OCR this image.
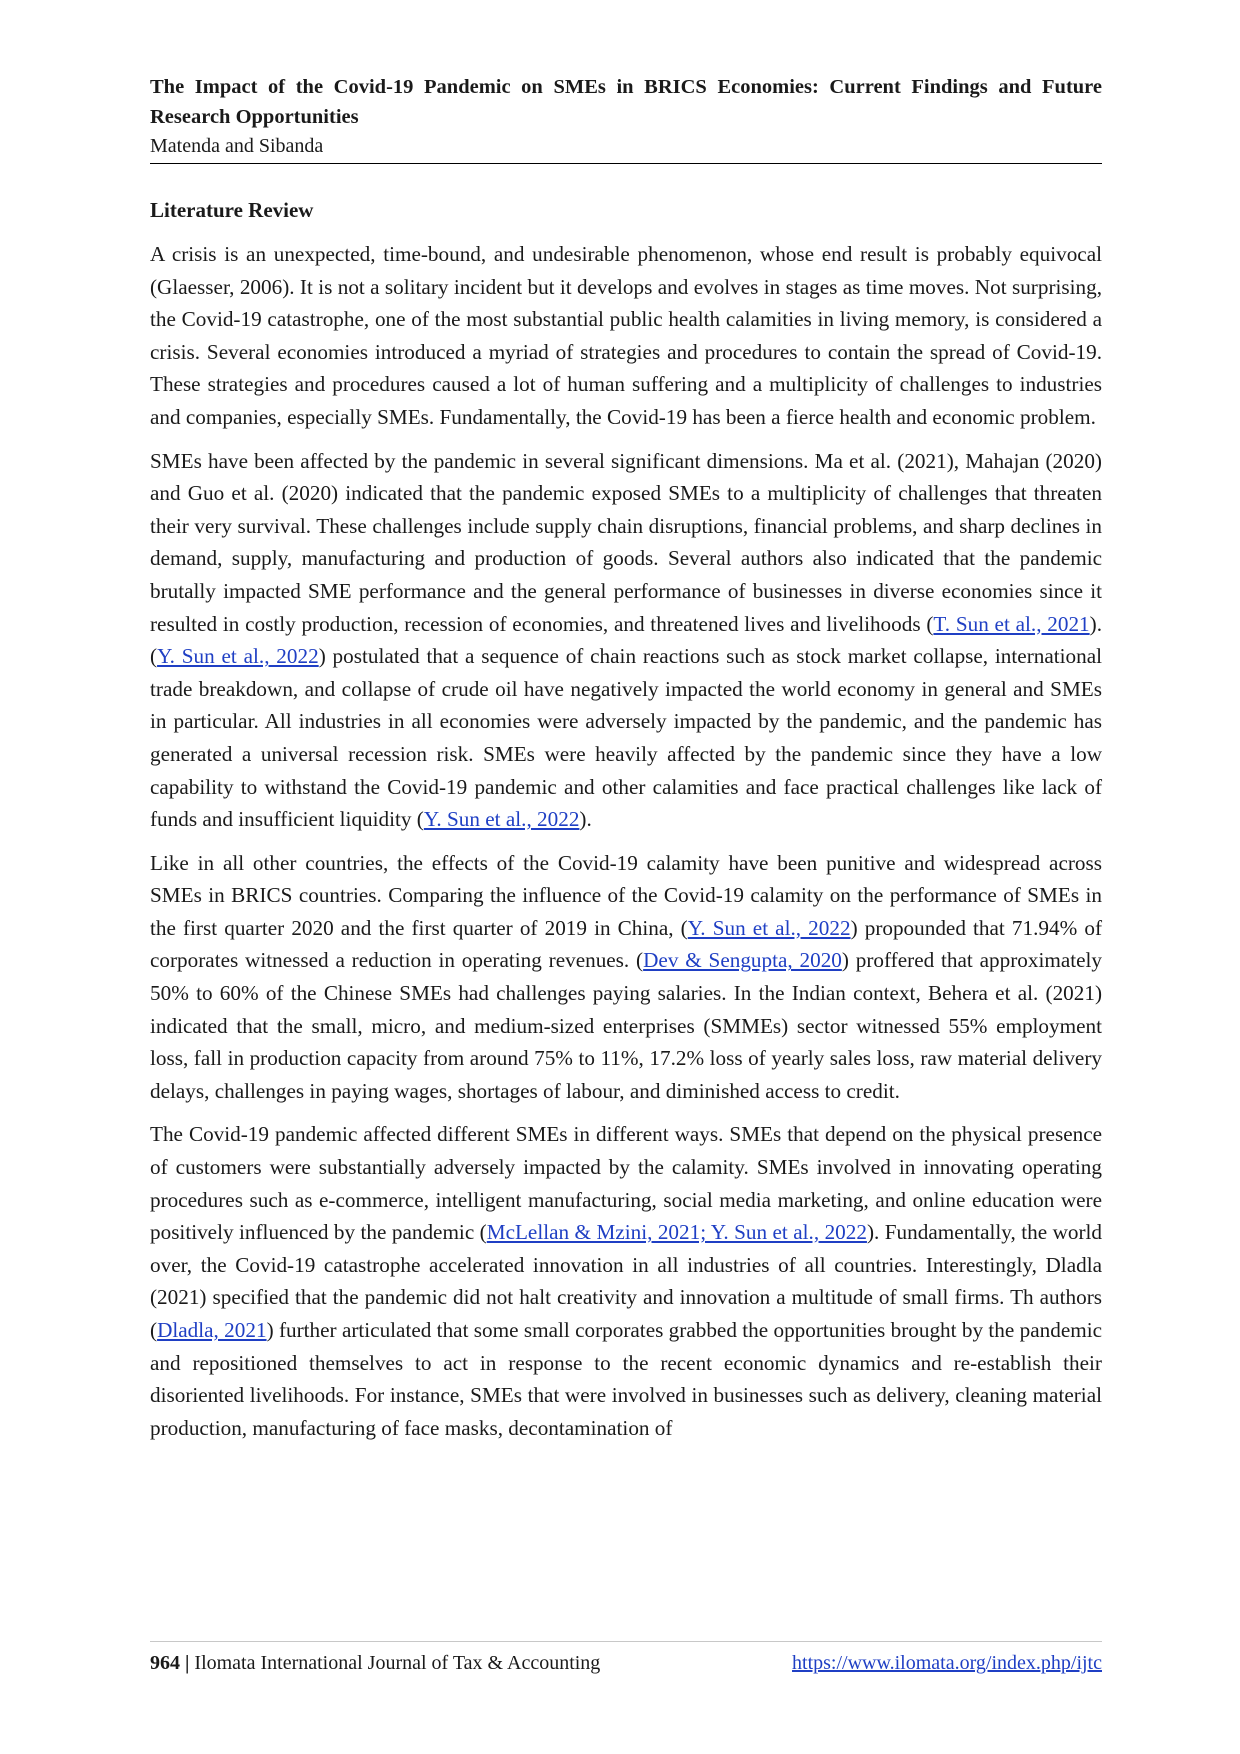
The Impact of the Covid-19 Pandemic on SMEs in BRICS Economies: Current Findings and Future Research Opportunities

Matenda and Sibanda

Literature Review

A crisis is an unexpected, time-bound, and undesirable phenomenon, whose end result is probably equivocal (Glaesser, 2006). It is not a solitary incident but it develops and evolves in stages as time moves. Not surprising, the Covid-19 catastrophe, one of the most substantial public health calamities in living memory, is considered a crisis. Several economies introduced a myriad of strategies and procedures to contain the spread of Covid-19. These strategies and procedures caused a lot of human suffering and a multiplicity of challenges to industries and companies, especially SMEs. Fundamentally, the Covid-19 has been a fierce health and economic problem.

SMEs have been affected by the pandemic in several significant dimensions. Ma et al. (2021), Mahajan (2020) and Guo et al. (2020) indicated that the pandemic exposed SMEs to a multiplicity of challenges that threaten their very survival. These challenges include supply chain disruptions, financial problems, and sharp declines in demand, supply, manufacturing and production of goods. Several authors also indicated that the pandemic brutally impacted SME performance and the general performance of businesses in diverse economies since it resulted in costly production, recession of economies, and threatened lives and livelihoods (T. Sun et al., 2021). (Y. Sun et al., 2022) postulated that a sequence of chain reactions such as stock market collapse, international trade breakdown, and collapse of crude oil have negatively impacted the world economy in general and SMEs in particular. All industries in all economies were adversely impacted by the pandemic, and the pandemic has generated a universal recession risk. SMEs were heavily affected by the pandemic since they have a low capability to withstand the Covid-19 pandemic and other calamities and face practical challenges like lack of funds and insufficient liquidity (Y. Sun et al., 2022).

Like in all other countries, the effects of the Covid-19 calamity have been punitive and widespread across SMEs in BRICS countries. Comparing the influence of the Covid-19 calamity on the performance of SMEs in the first quarter 2020 and the first quarter of 2019 in China, (Y. Sun et al., 2022) propounded that 71.94% of corporates witnessed a reduction in operating revenues. (Dev & Sengupta, 2020) proffered that approximately 50% to 60% of the Chinese SMEs had challenges paying salaries. In the Indian context, Behera et al. (2021) indicated that the small, micro, and medium-sized enterprises (SMMEs) sector witnessed 55% employment loss, fall in production capacity from around 75% to 11%, 17.2% loss of yearly sales loss, raw material delivery delays, challenges in paying wages, shortages of labour, and diminished access to credit.

The Covid-19 pandemic affected different SMEs in different ways. SMEs that depend on the physical presence of customers were substantially adversely impacted by the calamity. SMEs involved in innovating operating procedures such as e-commerce, intelligent manufacturing, social media marketing, and online education were positively influenced by the pandemic (McLellan & Mzini, 2021; Y. Sun et al., 2022). Fundamentally, the world over, the Covid-19 catastrophe accelerated innovation in all industries of all countries. Interestingly, Dladla (2021) specified that the pandemic did not halt creativity and innovation a multitude of small firms. Th authors (Dladla, 2021) further articulated that some small corporates grabbed the opportunities brought by the pandemic and repositioned themselves to act in response to the recent economic dynamics and re-establish their disoriented livelihoods. For instance, SMEs that were involved in businesses such as delivery, cleaning material production, manufacturing of face masks, decontamination of

964 | Ilomata International Journal of Tax & Accounting	https://www.ilomata.org/index.php/ijtc
